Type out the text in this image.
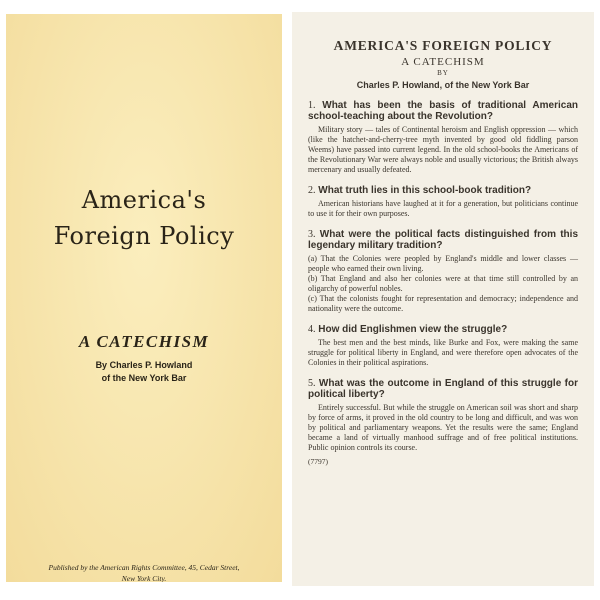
America's
Foreign Policy
A CATECHISM
By Charles P. Howland
of the New York Bar
Published by the American Rights Committee, 45, Cedar Street,
New York City.
AMERICA'S FOREIGN POLICY
A CATECHISM
BY
Charles P. Howland, of the New York Bar

1. What has been the basis of traditional American school-teaching about the Revolution?

Military story — tales of Continental heroism and English oppression — which (like the hatchet-and-cherry-tree myth invented by good old fiddling parson Weems) have passed into current legend. In the old school-books the Americans of the Revolutionary War were always noble and usually victorious; the British always mercenary and usually defeated.

2. What truth lies in this school-book tradition?

American historians have laughed at it for a generation, but politicians continue to use it for their own purposes.

3. What were the political facts distinguished from this legendary military tradition?

(a) That the Colonies were peopled by England's middle and lower classes — people who earned their own living.

(b) That England and also her colonies were at that time still controlled by an oligarchy of powerful nobles.

(c) That the colonists fought for representation and democracy; independence and nationality were the outcome.

4. How did Englishmen view the struggle?

The best men and the best minds, like Burke and Fox, were making the same struggle for political liberty in England, and were therefore open advocates of the Colonies in their political aspirations.

5. What was the outcome in England of this struggle for political liberty?

Entirely successful. But while the struggle on American soil was short and sharp by force of arms, it proved in the old country to be long and difficult, and was won by political and parliamentary weapons. Yet the results were the same; England became a land of virtually manhood suffrage and of free political institutions. Public opinion controls its course.

(7797)
